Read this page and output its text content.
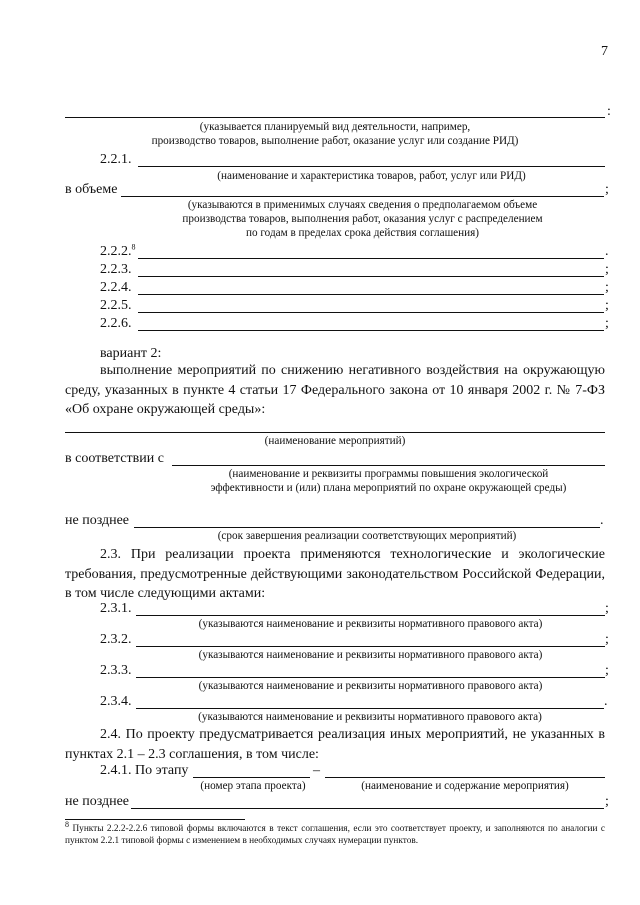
7
:
(указывается планируемый вид деятельности, например,
производство товаров, выполнение работ, оказание услуг или создание РИД)
2.2.1.
(наименование и характеристика товаров, работ, услуг или РИД)
в объеме	;
(указываются в применимых случаях сведения о предполагаемом объеме
производства товаров, выполнения работ, оказания услуг с распределением
по годам в пределах срока действия соглашения)
2.2.2.$^8$	.
2.2.3.	;
2.2.4.	;
2.2.5.	;
2.2.6.	;
вариант 2:
выполнение мероприятий по снижению негативного воздействия на окружающую среду, указанных в пункте 4 статьи 17 Федерального закона от 10 января 2002 г. № 7-ФЗ «Об охране окружающей среды»:
(наименование мероприятий)
в соответствии с
(наименование и реквизиты программы повышения экологической
эффективности и (или) плана мероприятий по охране окружающей среды)
не позднее	.
(срок завершения реализации соответствующих мероприятий)
2.3. При реализации проекта применяются технологические и экологические требования, предусмотренные действующими законодательством Российской Федерации, в том числе следующими актами:
2.3.1.	;
(указываются наименование и реквизиты нормативного правового акта)
2.3.2.	;
(указываются наименование и реквизиты нормативного правового акта)
2.3.3.	;
(указываются наименование и реквизиты нормативного правового акта)
2.3.4.	.
(указываются наименование и реквизиты нормативного правового акта)
2.4. По проекту предусматривается реализация иных мероприятий, не указанных в пунктах 2.1 – 2.3 соглашения, в том числе:
2.4.1. По этапу	–
(номер этапа проекта)	(наименование и содержание мероприятия)
не позднее	;
$^8$ Пункты 2.2.2-2.2.6 типовой формы включаются в текст соглашения, если это соответствует проекту, и заполняются по аналогии с пунктом 2.2.1 типовой формы с изменением в необходимых случаях нумерации пунктов.
